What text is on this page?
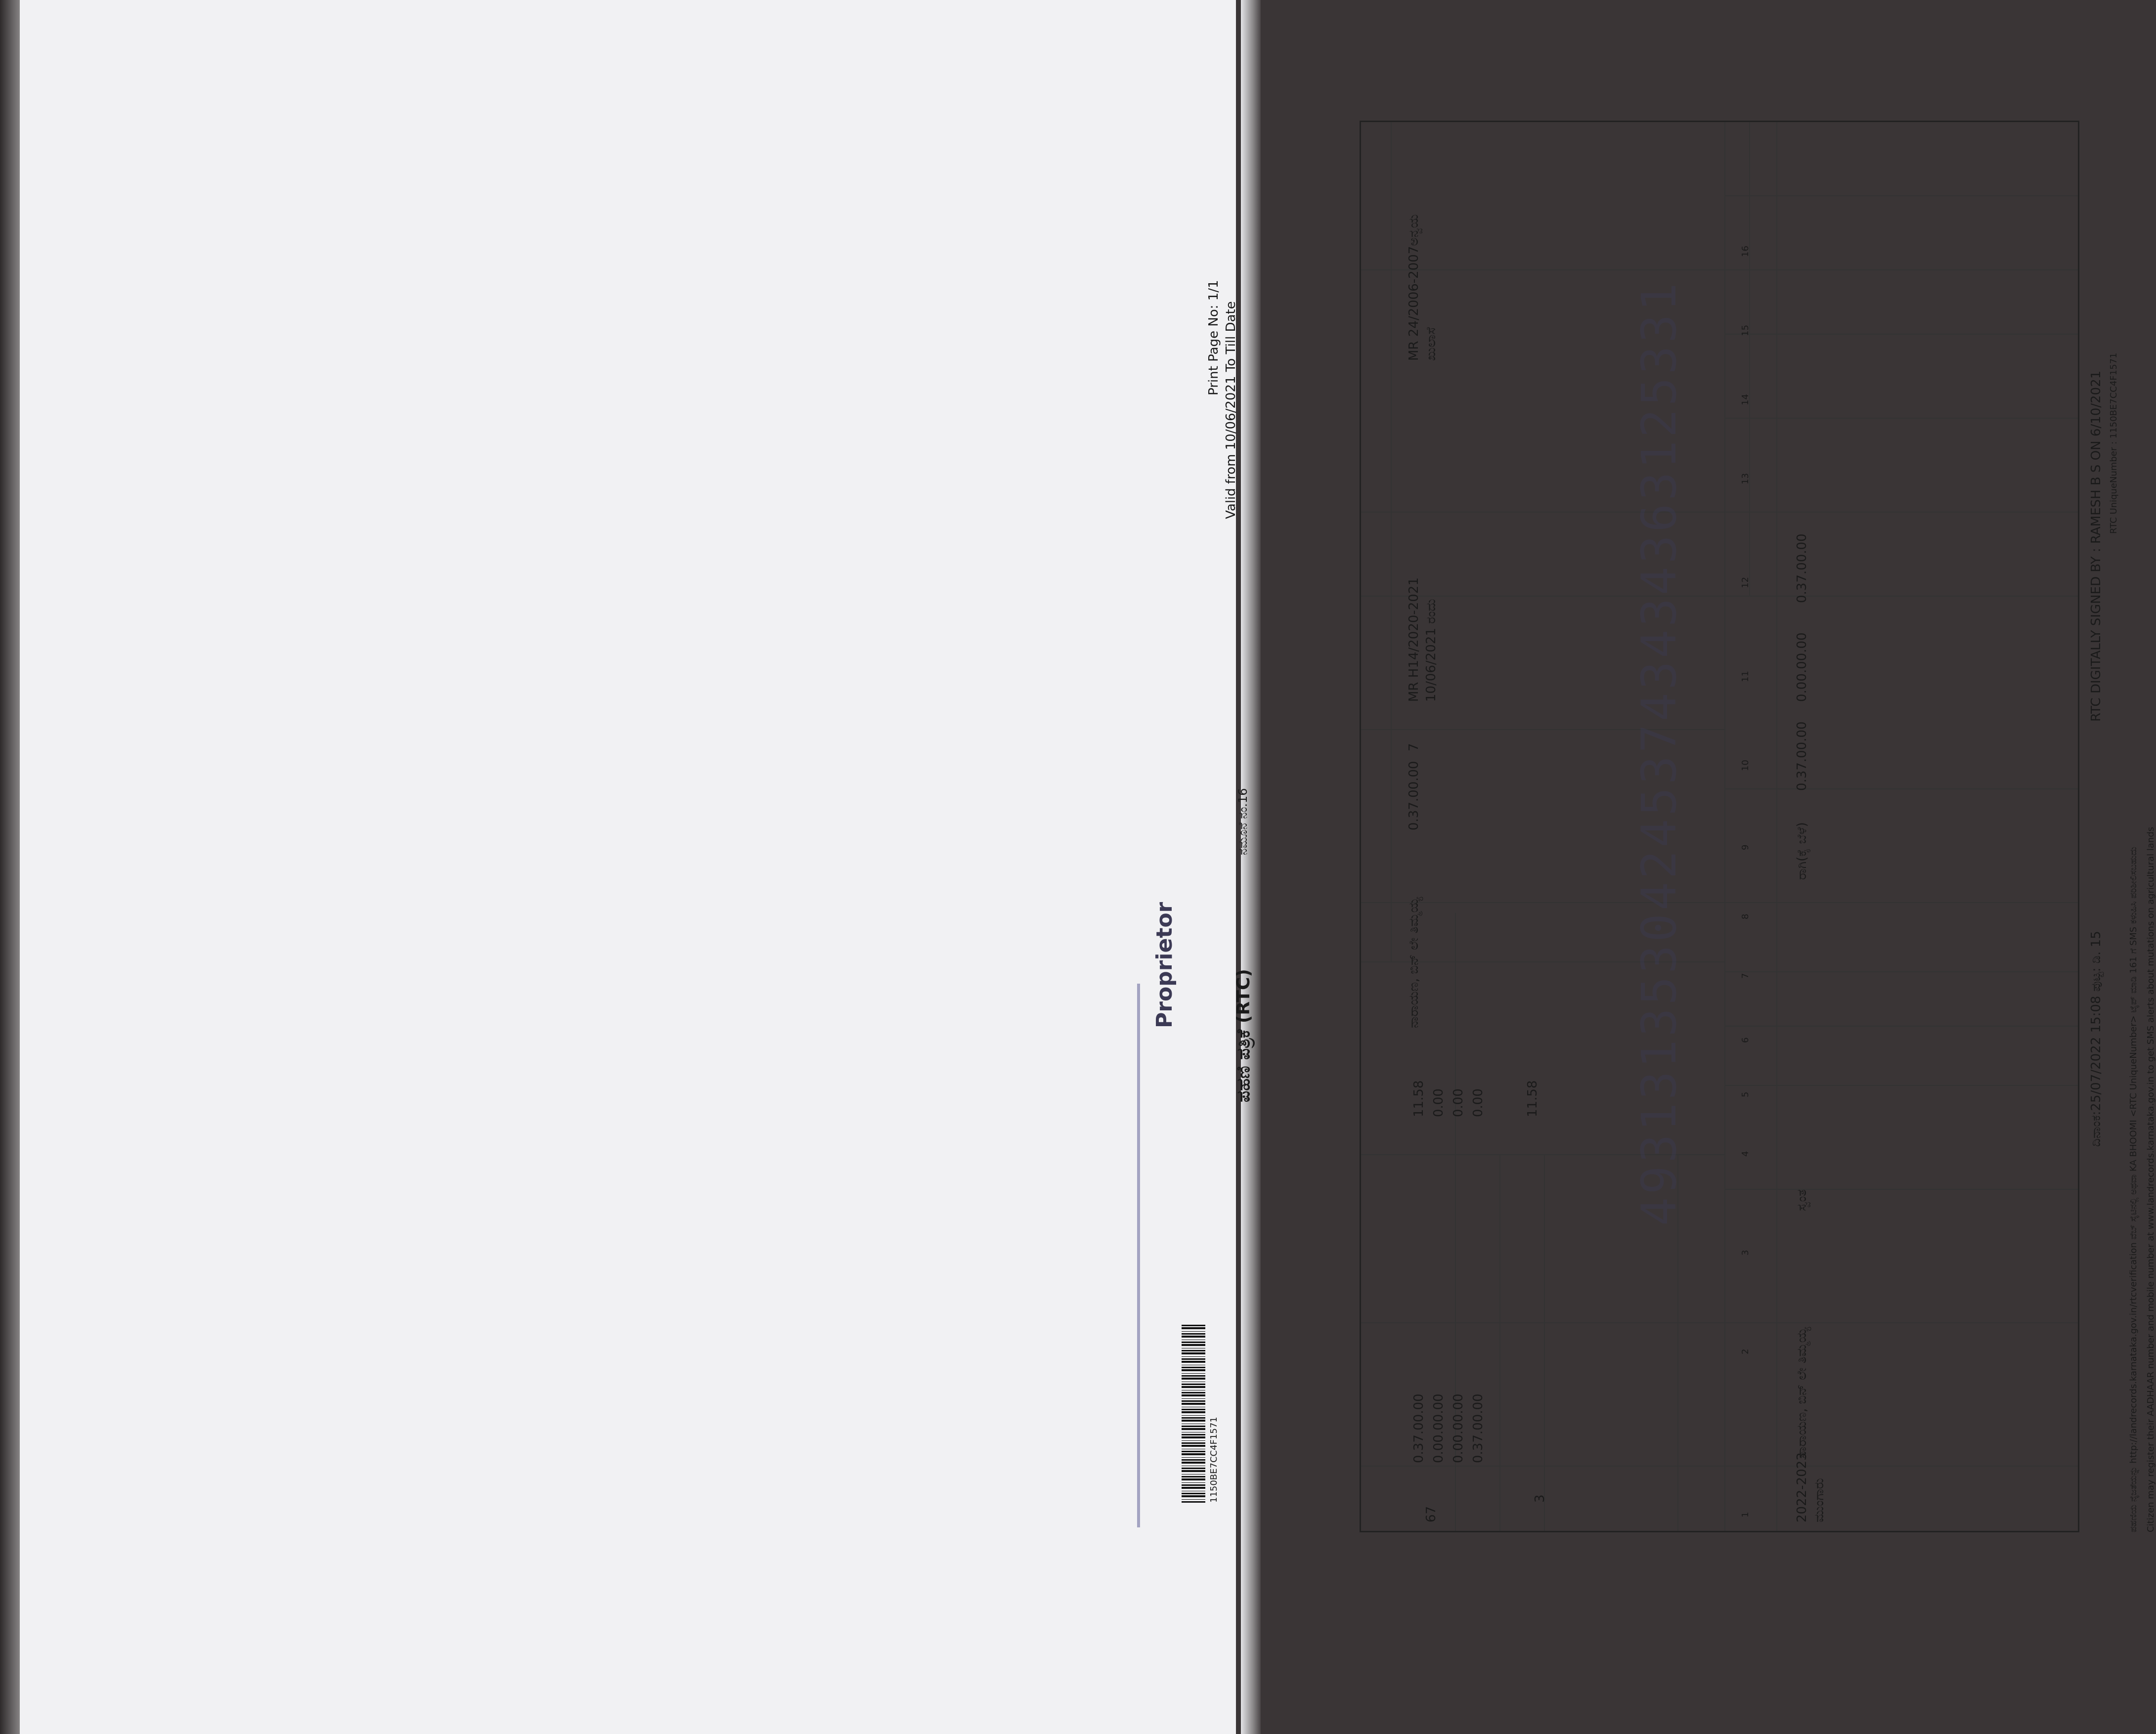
1150BE7CC4F1571
ಪಹಣಿ ಪತ್ರಿಕೆ (RTC)
ನಮೂನೆ ನಂ.16
Print Page No: 1/1 Valid from 10/06/2021 To Till Date
67
3
0.37.00.00 0.00.00.00 0.00.00.00 0.37.00.00
11.58 0.00 0.00 0.00	11.58
ನಾರಾಯಣ, ಬಿನ್ ಲೇ ತಿಮ್ಮಯ್ಯ
0.37.00.00
7
MR H14/2020-2021 10/06/2021 ರಂದು
MR 24/2006-2007ಅನ್ವಯ ಖುಲಾಸೆ
2022-2023 ಮುಂಗಾರು
ನಾರಾಯಣ, ಬಿನ್ ಲೇ ತಿಮ್ಮಯ್ಯ
ಸ್ವಂತ
ರಾಗಿ(ಕೈ ಬೆಳೆ)
0.37.00.00
0.00.00.00
0.37.00.00
1
2
3
4
5
6
7
8
9
10
11
12
13
14
15
16
493131353042453743434363125331	ದಿನಾಂಕ:25/07/2022 15:08 ಪುಟ್ಟ: ಡಿ. 15
RTC DIGITALLY SIGNED BY : RAMESH B S ON 6/10/2021 RTC UniqueNumber : 1150BE7CC4F1571
ಪಹಣಿಯ ನೈಜತೆಯನ್ನು http://landrecords.karnataka.gov.in/rtcverification ವೆಬ್ ಸೈಟಿನಲ್ಲಿ ಅಥವಾ KA BHOOMI <RTC UniqueNumber> ಟೈಪ್ ಮಾಡಿ 161 ಗೆ SMS ಕಳುಹಿಸಿ ಪರಿಶೀಲಿಸಬಹುದು Citizen may register their AADHAAR number and mobile number at www.landrecords.karnataka.gov.in to get SMS alerts about mutations on agricultural lands
Proprietor
